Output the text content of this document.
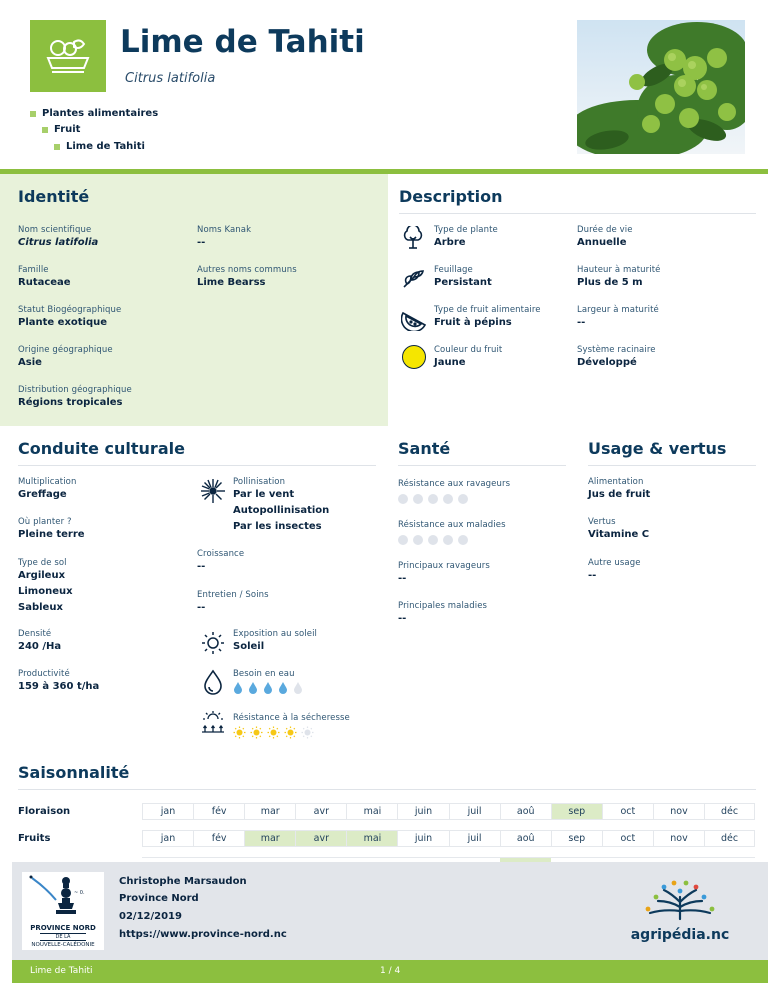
Lime de Tahiti
Citrus latifolia
Plantes alimentaires
Fruit
Lime de Tahiti
Identité
Nom scientifique
Citrus latifolia
Noms Kanak
--
Famille
Rutaceae
Autres noms communs
Lime Bearss
Statut Biogéographique
Plante exotique
Origine géographique
Asie
Distribution géographique
Régions tropicales
Description
Type de plante
Arbre
Durée de vie
Annuelle
Feuillage
Persistant
Hauteur à maturité
Plus de 5 m
Type de fruit alimentaire
Fruit à pépins
Largeur à maturité
--
Couleur du fruit
Jaune
Système racinaire
Développé
Conduite culturale
Multiplication
Greffage
Où planter ?
Pleine terre
Type de sol
Argileux
Limoneux
Sableux
Densité
240 /Ha
Productivité
159 à 360 t/ha
Pollinisation
Par le vent
Autopollinisation
Par les insectes
Croissance
--
Entretien / Soins
--
Exposition au soleil
Soleil
Besoin en eau
Résistance à la sécheresse
Santé
Résistance aux ravageurs
Résistance aux maladies
Principaux ravageurs
--
Principales maladies
--
Usage & vertus
Alimentation
Jus de fruit
Vertus
Vitamine C
Autre usage
--
Saisonnalité
Floraison	jan	fév	mar	avr	mai	juin	juil	aoû	sep	oct	nov	déc
Fruits	jan	fév	mar	avr	mai	juin	juil	aoû	sep	oct	nov	déc
~ 0.
PROVINCE NORD
DE LA
NOUVELLE-CALÉDONIE
Christophe Marsaudon
Province Nord
02/12/2019
https://www.province-nord.nc	agripédia.nc
Lime de Tahiti	1 / 4
